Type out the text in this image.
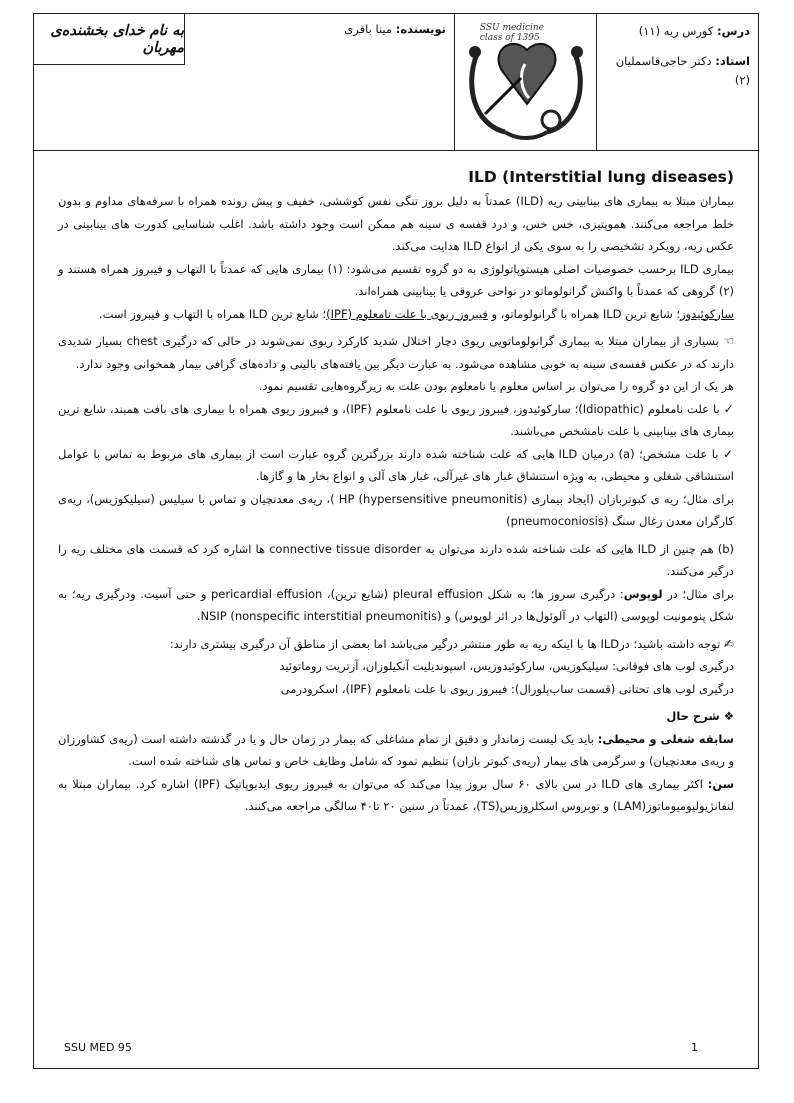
درس: کورس ریه (۱۱)
استاد: دکتر حاجی‌قاسملیان (۲)
SSU medicine
class of 1395
نویسنده: مینا باقری
به نام خدای بخشنده‌ی مهربان

ILD (Interstitial lung diseases)

بیماران مبتلا به بیماری های بینابینی ریه (ILD) عمدتاً به دلیل بروز تنگی نفس کوششی، خفیف و پیش رونده همراه با سرفه‌های مداوم و بدون خلط مراجعه می‌کنند. هموپتیزی، خس خس، و درد قفسه ی سینه هم ممکن است وجود داشته باشد. اغلب شناسایی کدورت های بینابینی در عکس ریه، رویکرد تشخیصی را به سوی یکی از انواع ILD هدایت می‌کند.

بیماری ILD برحسب خصوصیات اصلی هیستوپاتولوژی به دو گروه تقسیم می‌شود: (۱) بیماری هایی که عمدتاً با التهاب و فیبروز همراه هستند و (۲) گروهی که عمدتاً با واکنش گرانولوماتو در نواحی عروقی یا بینابینی همراه‌اند.

سارکوئیدوز؛ شایع ترین ILD همراه با گرانولوماتو، و فیبروز ریوی با علت نامعلوم (IPF)؛ شایع ترین ILD همراه با التهاب و فیبروز است.

☜ بسیاری از بیماران مبتلا به بیماری گرانولوماتویی ریوی دچار اختلال شدید کارکرد ریوی نمی‌شوند در حالی که درگیری chest بسیار شدیدی دارند که در عکس قفسه‌ی سینه به خوبی مشاهده می‌شود. به عبارت دیگر بین یافته‌های بالینی و داده‌های گرافی بیمار همخوانی وجود ندارد.

هر یک از این دو گروه را می‌توان بر اساس معلوم یا نامعلوم بودن علت به زیرگروه‌هایی تقسیم نمود.

✓ با علت نامعلوم (Idiopathic)؛ سارکوئیدوز، فیبروز ریوی با علت نامعلوم (IPF)، و فیبروز ریوی همراه با بیماری های بافت همبند، شایع ترین بیماری های بینابینی با علت نامشخص می‌باشند.

✓ با علت مشخص؛ (a) درمیان ILD هایی که علت شناخته شده دارند بزرگترین گروه عبارت است از بیماری های مربوط به تماس با عوامل استنشاقی شغلی و محیطی، به ویژه استنشاق غبار های غیرآلی، غبار های آلی و انواع بخار ها و گازها.

برای مثال؛ ریه ی کبوتربازان (ایجاد بیماری HP (hypersensitive pneumonitis) )، ریه‌ی معدنچیان و تماس با سیلیس (سیلیکوزیس)، ریه‌ی کارگران معدن زغال سنگ (pneumoconiosis)

(b) هم چنین از ILD هایی که علت شناخته شده دارند می‌توان به connective tissue disorder ها اشاره کرد که قسمت های مختلف ریه را درگیر می‌کنند.

برای مثال؛ در لوپوس: درگیری سروز ها؛ به شکل pleural effusion (شایع ترین)، pericardial effusion و حتی آسیت. ودرگیری ریه؛ به شکل پنومونیت لوپوسی (التهاب در آلوئول‌ها در اثر لوپوس) و NSIP (nonspecific interstitial pneumonitis).

✍ توجه داشته باشید؛ درILD ها با اینکه ریه به طور منتشر درگیر می‌باشد اما بعضی از مناطق آن درگیری بیشتری دارند:

درگیری لوب های فوقانی: سیلیکوزیس، سارکوئیدوزیس، اسپوندیلیت آنکیلوزان، آرتریت روماتوئید

درگیری لوب های تحتانی (قسمت ساب‌پلورال): فیبروز ریوی با علت نامعلوم (IPF)، اسکرودرمی

❖ شرح حال

سابقه شغلی و محیطی: باید یک لیست زماندار و دقیق از تمام مشاغلی که بیمار در زمان حال و یا در گذشته داشته است (ریه‌ی کشاورزان و ریه‌ی معدنچیان) و سرگرمی های بیمار (ریه‌ی کبوتر بازان) تنظیم نمود که شامل وظایف خاص و تماس های شناخته شده است.

سن: اکثر بیماری های ILD در سن بالای ۶۰ سال بروز پیدا می‌کند که می‌توان به فیبروز ریوی ایدیوپاتیک (IPF) اشاره کرد. بیماران مبتلا به لنفانژیولیومیوماتوز(LAM) و توبروس اسکلروزیس(TS)، عمدتاً در سنین ۲۰ تا۴۰ سالگی مراجعه می‌کنند.

SSU MED 95	1
